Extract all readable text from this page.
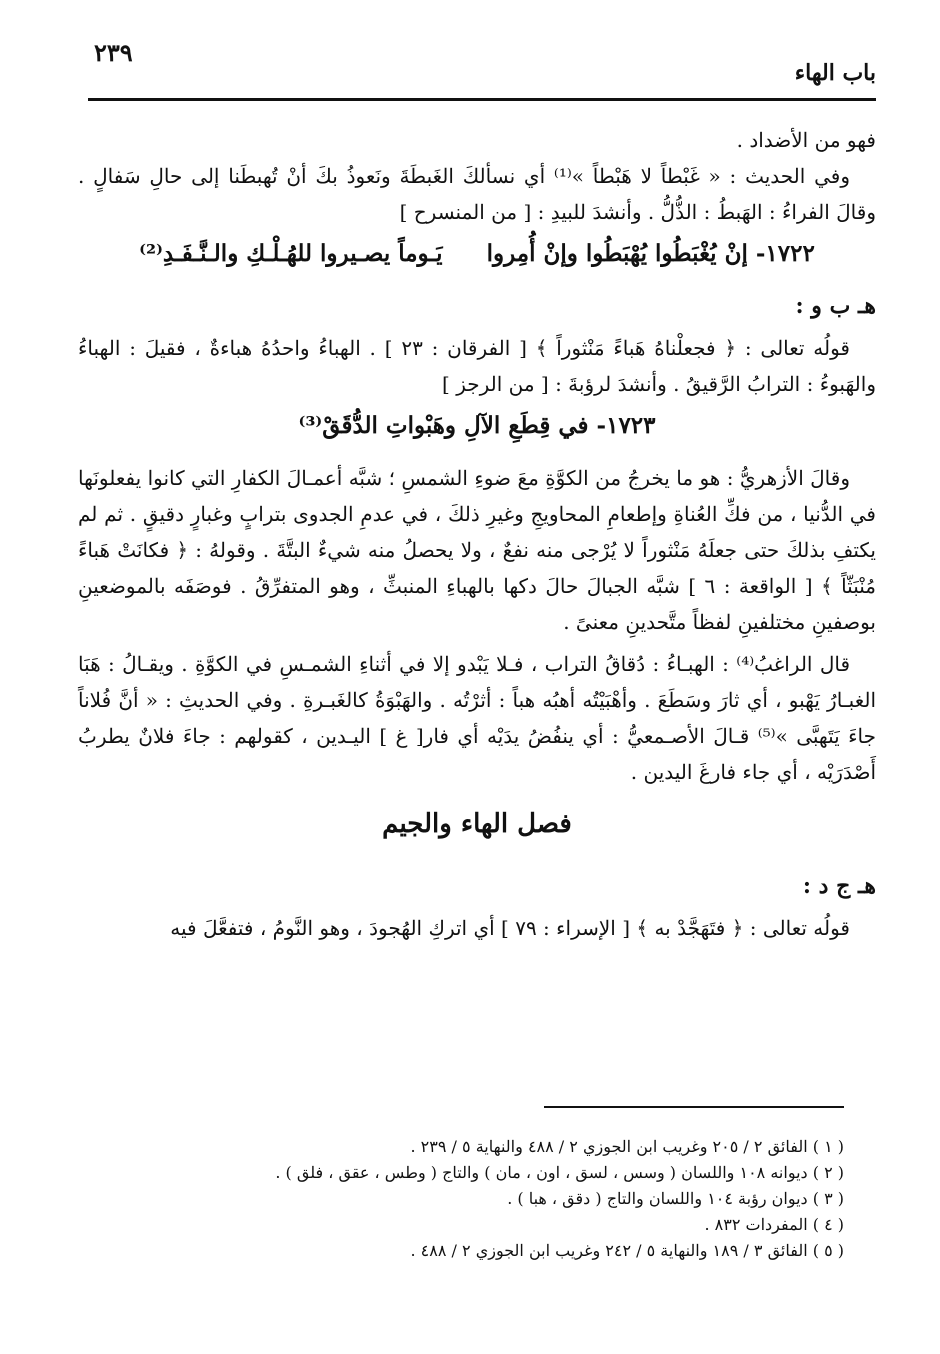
٢٣٩
باب الهاء

فهو من الأضداد .

وفي الحديث : « غَبْطاً لا هَبْطاً »⁽¹⁾ أي نسألكَ الغَبطَةَ ونَعوذُ بكَ أنْ تُهبطَنا إلى حالِ سَفالٍ . وقالَ الفراءُ : الهَبطُ : الذُّلُّ . وأنشدَ للبيدِ : [ من المنسرح ]

١٧٢٢- إنْ يُغْبَطُوا يُهْبَطُوا وإنْ أُمِروا يَـوماً يصـيروا للهُـلْـكِ والـنَّـفَـدِ⁽²⁾
هـ ب و :

قولُه تعالى : ﴿ فجعلْناهُ هَباءً مَنْثوراً ﴾ [ الفرقان : ٢٣ ] . الهباءُ واحدُهُ هباءةٌ ، فقيلَ : الهباءُ والهَبوءُ : الترابُ الرَّقيقُ . وأنشدَ لرؤبةَ : [ من الرجز ]

١٧٢٣- في قِطَعِ الآلِ وهَبْواتِ الدُّقَقْ⁽³⁾

وقالَ الأزهريُّ : هو ما يخرجُ من الكوَّةِ معَ ضوءِ الشمسِ ؛ شبَّه أعمـالَ الكفارِ التي كانوا يفعلونَها في الدُّنيا ، من فكِّ العُناةِ وإطعامِ المحاويجِ وغيرِ ذلكَ ، في عدمِ الجدوى بترابٍ وغبارٍ دقيقٍ . ثم لم يكتفِ بذلكَ حتى جعلَهُ مَنْثوراً لا يُرْجى منه نفعٌ ، ولا يحصلُ منه شيءٌ البتَّةَ . وقولهُ : ﴿ فكانَتْ هَباءً مُنْبَثّاً ﴾ [ الواقعة : ٦ ] شبَّه الجبالَ حالَ دكها بالهباءِ المنبثِّ ، وهو المتفرِّقُ . فوصَفَه بالموضعينِ بوصفينِ مختلفينِ لفظاً متَّحدينِ معنىً .

قال الراغبُ⁽⁴⁾ : الهبـاءُ : دُقاقُ التراب ، فـلا يَبْدو إلا في أثناءِ الشمـسِ في الكوَّةِ . ويقـالُ : هَبَا الغبـارُ يَهْبو ، أي ثارَ وسَطَعَ . وأهْبَيْتُه أهبُه هباً : أثرْتُه . والهَبْوَةُ كالغَبـرةِ . وفي الحديثِ : « أنَّ فُلاناً جاءَ يَتَهبَّى »⁽⁵⁾ قـالَ الأصـمعيُّ : أي ينفُضُ يدَيْه أي فار[ غ ] اليـدين ، كقولهم : جاءَ فلانٌ يطربُ أَصْدَرَيْه ، أي جاء فارغَ اليدين .

فصل الهاء والجيم
هـ ج د :

قولُه تعالى : ﴿ فتَهَجَّدْ به ﴾ [ الإسراء : ٧٩ ] أي اتركِ الهُجودَ ، وهو النَّومُ ، فتفعَّلَ فيه

( ١ ) الفائق ٢ / ٢٠٥ وغريب ابن الجوزي ٢ / ٤٨٨ والنهاية ٥ / ٢٣٩ .
( ٢ ) ديوانه ١٠٨ واللسان ( وسس ، لسق ، اون ، مان ) والتاج ( وطس ، عقق ، فلق ) .
( ٣ ) ديوان رؤبة ١٠٤ واللسان والتاج ( دقق ، هبا ) .
( ٤ ) المفردات ٨٣٢ .
( ٥ ) الفائق ٣ / ١٨٩ والنهاية ٥ / ٢٤٢ وغريب ابن الجوزي ٢ / ٤٨٨ .
